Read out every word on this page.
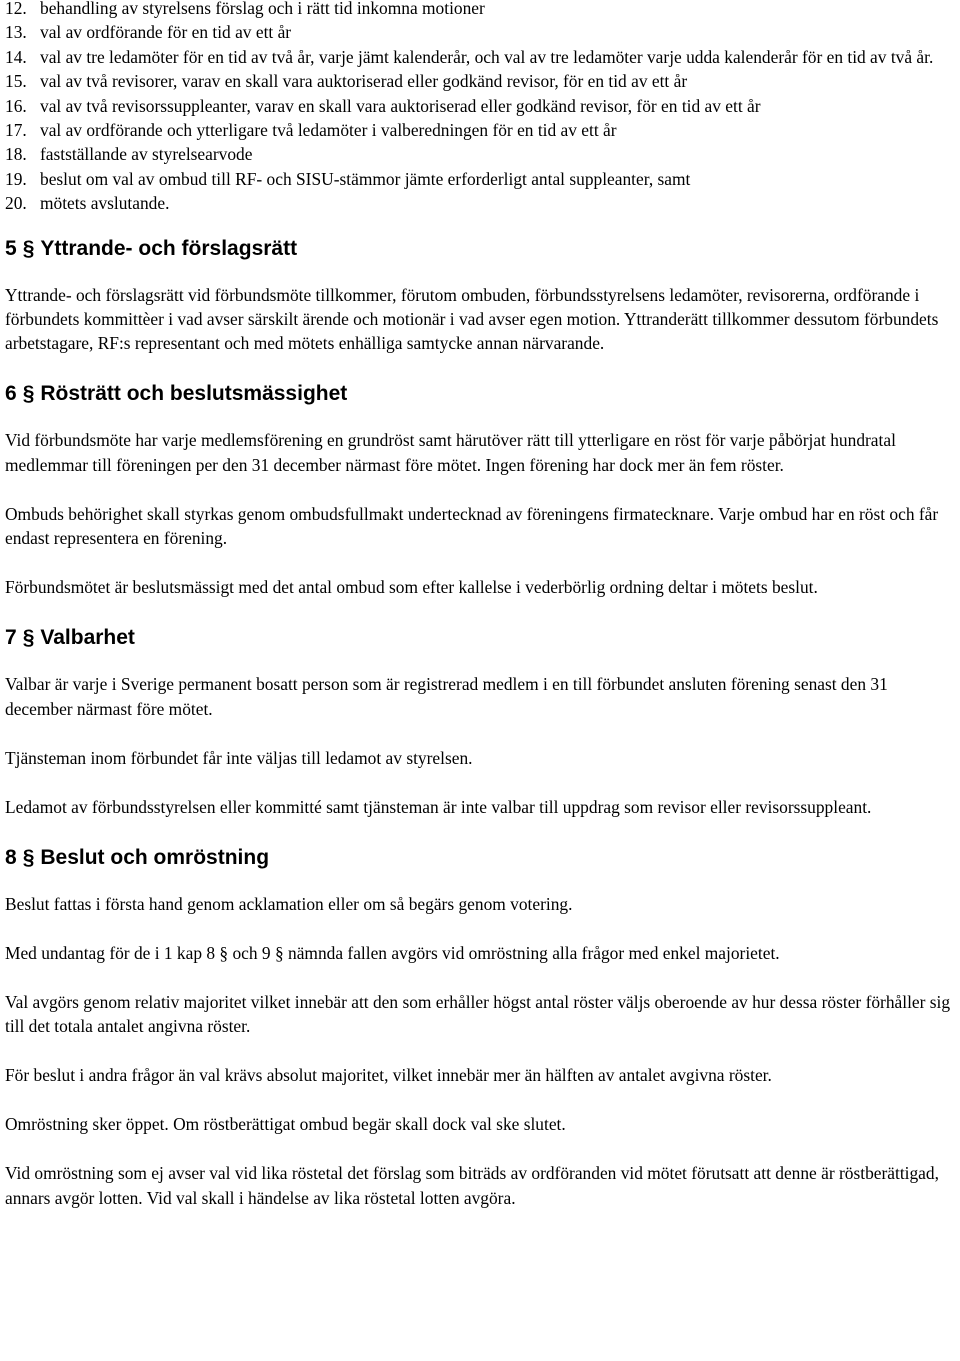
12. behandling av styrelsens förslag och i rätt tid inkomna motioner
13. val av ordförande för en tid av ett år
14. val av tre ledamöter för en tid av två år, varje jämt kalenderår, och val av tre ledamöter varje udda kalenderår för en tid av två år.
15. val av två revisorer, varav en skall vara auktoriserad eller godkänd revisor, för en tid av ett år
16. val av två revisorssuppleanter, varav en skall vara auktoriserad eller godkänd revisor, för en tid av ett år
17. val av ordförande och ytterligare två ledamöter i valberedningen för en tid av ett år
18. fastställande av styrelsearvode
19. beslut om val av ombud till RF- och SISU-stämmor jämte erforderligt antal suppleanter, samt
20. mötets avslutande.
5 § Yttrande- och förslagsrätt

Yttrande- och förslagsrätt vid förbundsmöte tillkommer, förutom ombuden, förbundsstyrelsens ledamöter, revisorerna, ordförande i förbundets kommittèer i vad avser särskilt ärende och motionär i vad avser egen motion. Yttranderätt tillkommer dessutom förbundets arbetstagare, RF:s representant och med mötets enhälliga samtycke annan närvarande.

6 § Rösträtt och beslutsmässighet

Vid förbundsmöte har varje medlemsförening en grundröst samt härutöver rätt till ytterligare en röst för varje påbörjat hundratal medlemmar till föreningen per den 31 december närmast före mötet. Ingen förening har dock mer än fem röster.

Ombuds behörighet skall styrkas genom ombudsfullmakt undertecknad av föreningens firmatecknare. Varje ombud har en röst och får endast representera en förening.

Förbundsmötet är beslutsmässigt med det antal ombud som efter kallelse i vederbörlig ordning deltar i mötets beslut.

7 § Valbarhet

Valbar är varje i Sverige permanent bosatt person som är registrerad medlem i en till förbundet ansluten förening senast den 31 december närmast före mötet.

Tjänsteman inom förbundet får inte väljas till ledamot av styrelsen.

Ledamot av förbundsstyrelsen eller kommitté samt tjänsteman är inte valbar till uppdrag som revisor eller revisorssuppleant.

8 § Beslut och omröstning

Beslut fattas i första hand genom acklamation eller om så begärs genom votering.

Med undantag för de i 1 kap 8 § och 9 § nämnda fallen avgörs vid omröstning alla frågor med enkel majorietet.

Val avgörs genom relativ majoritet vilket innebär att den som erhåller högst antal röster väljs oberoende av hur dessa röster förhåller sig till det totala antalet angivna röster.

För beslut i andra frågor än val krävs absolut majoritet, vilket innebär mer än hälften av antalet avgivna röster.

Omröstning sker öppet. Om röstberättigat ombud begär skall dock val ske slutet.

Vid omröstning som ej avser val vid lika röstetal det förslag som biträds av ordföranden vid mötet förutsatt att denne är röstberättigad, annars avgör lotten. Vid val skall i händelse av lika röstetal lotten avgöra.
